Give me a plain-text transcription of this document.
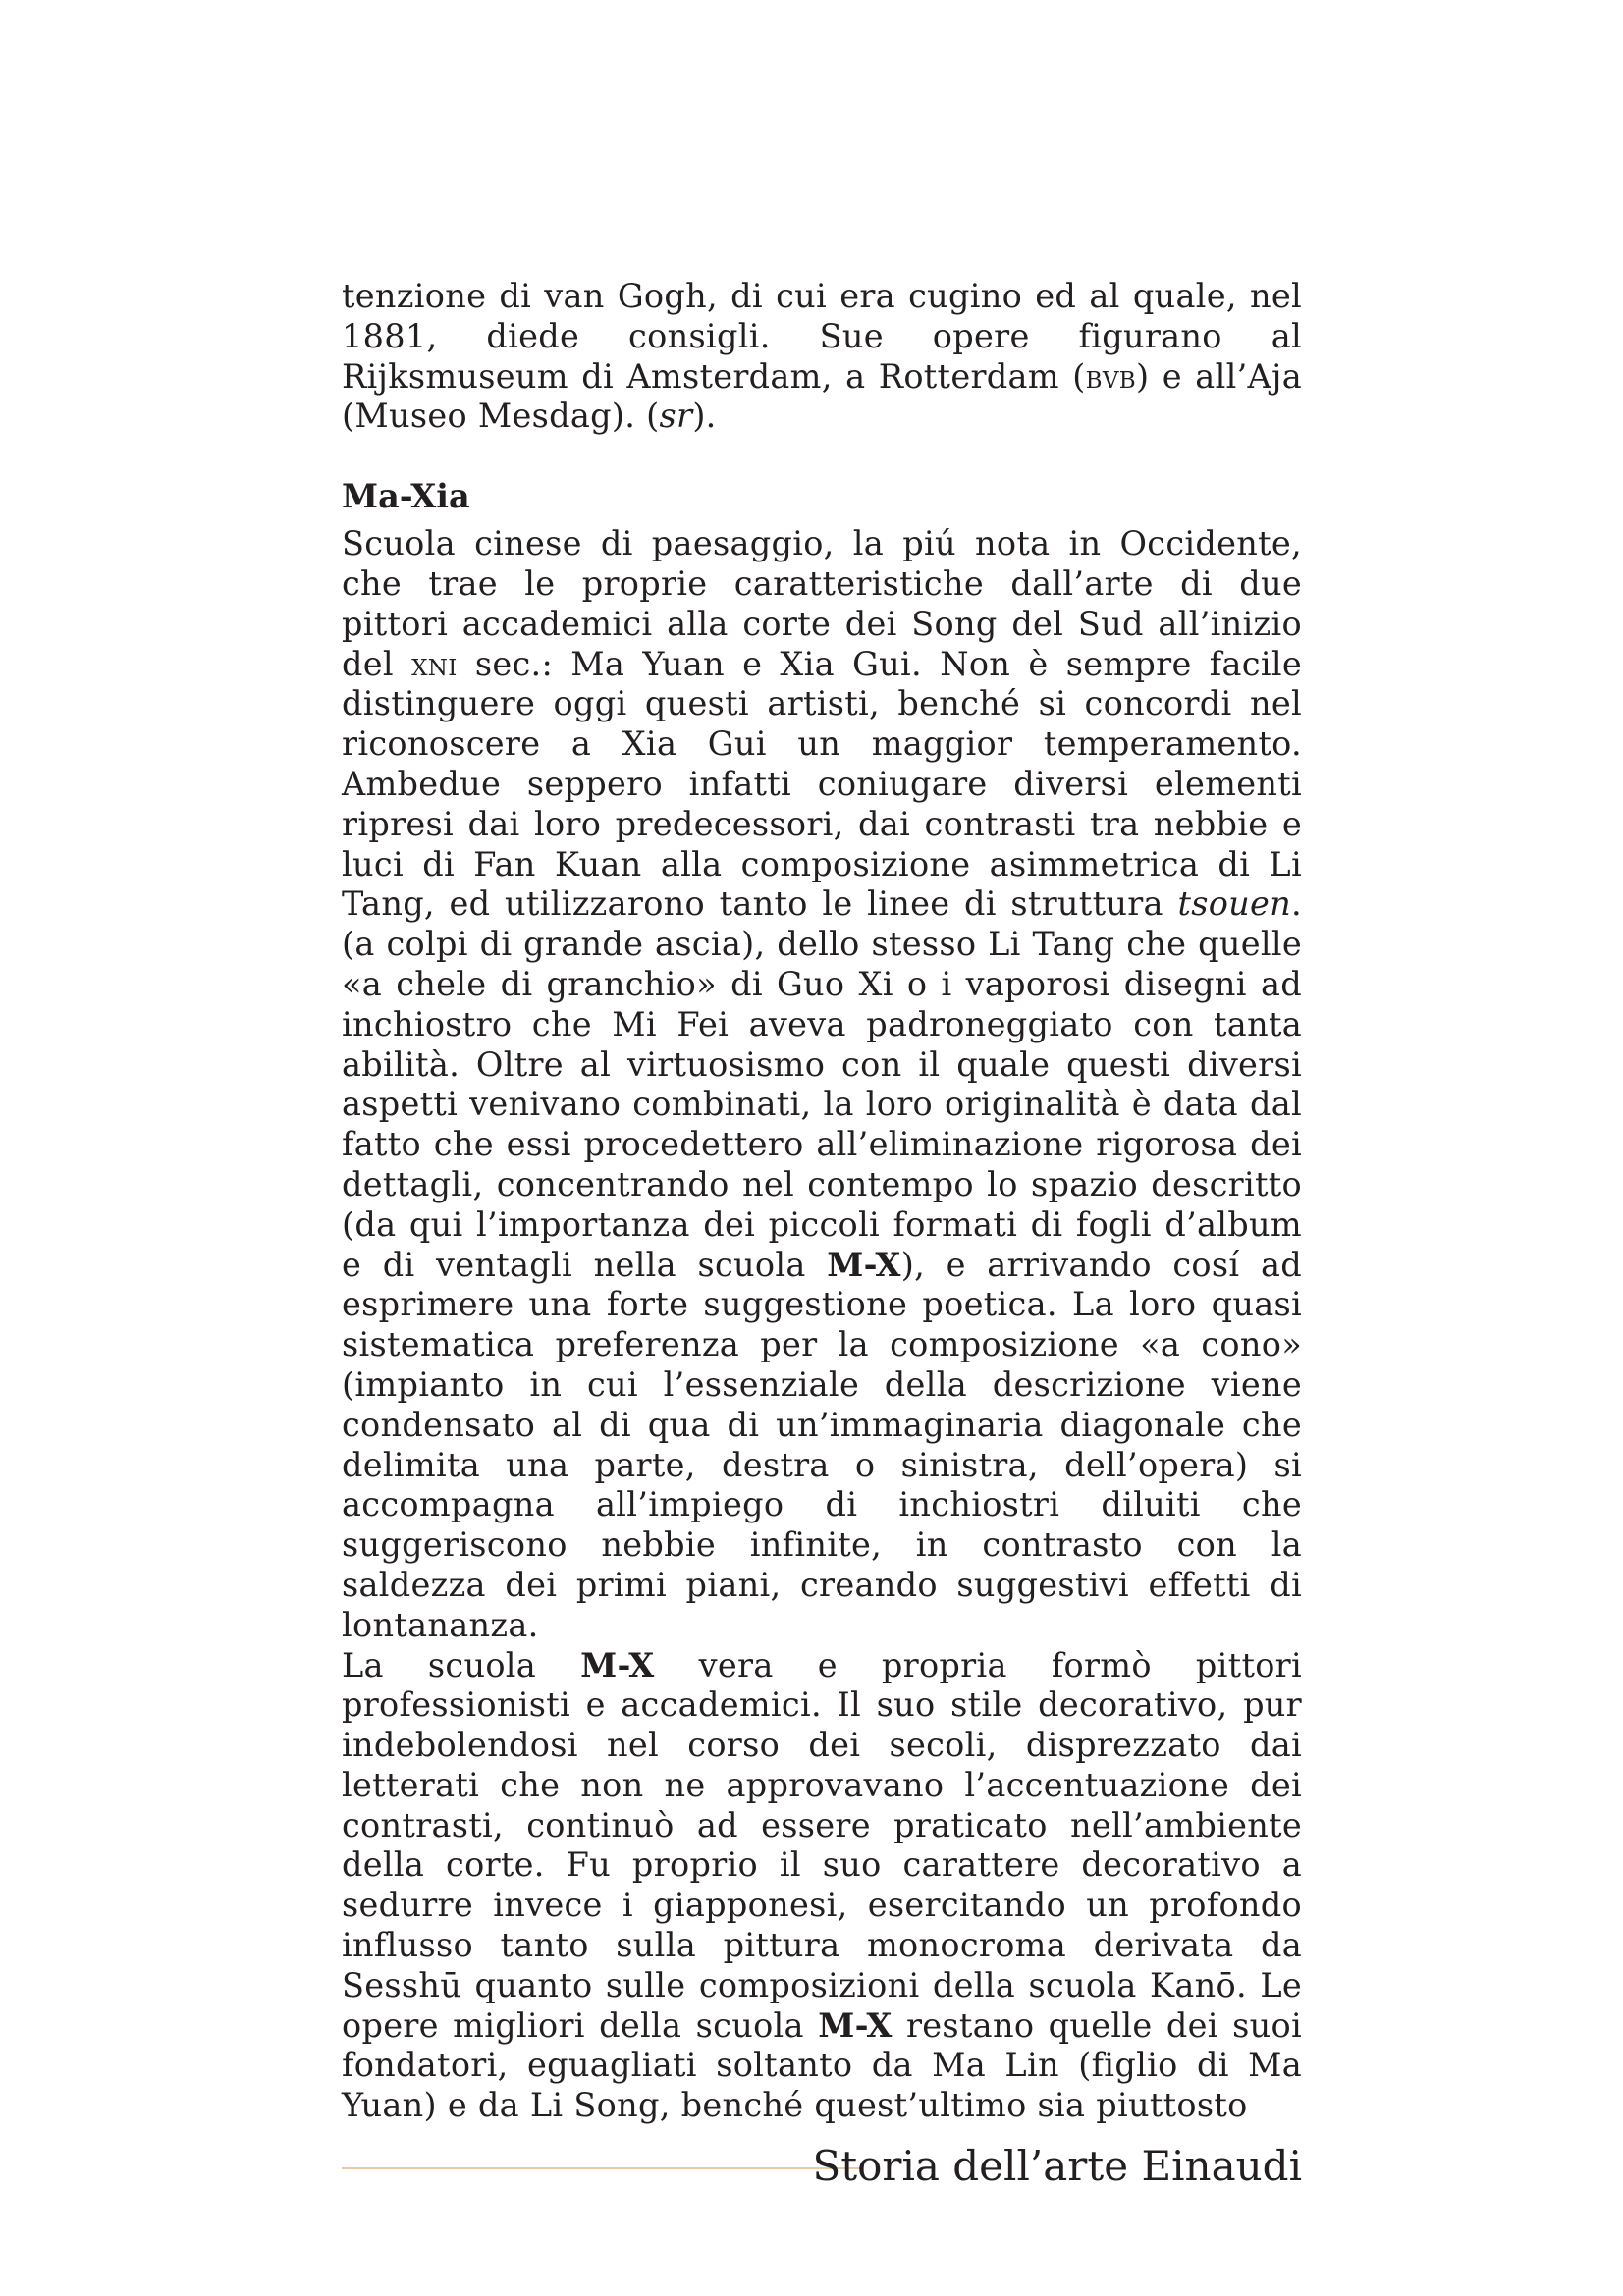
tenzione di van Gogh, di cui era cugino ed al quale, nel 1881, diede consigli. Sue opere figurano al Rijksmuseum di Amsterdam, a Rotterdam (bvb) e all’Aja (Museo Mesdag). (sr).

Ma-Xia

Scuola cinese di paesaggio, la piú nota in Occidente, che trae le proprie caratteristiche dall’arte di due pittori accademici alla corte dei Song del Sud all’inizio del xni sec.: Ma Yuan e Xia Gui. Non è sempre facile distinguere oggi questi artisti, benché si concordi nel riconoscere a Xia Gui un maggior temperamento. Ambedue seppero infatti coniugare diversi elementi ripresi dai loro predecessori, dai contrasti tra nebbie e luci di Fan Kuan alla composizione asimmetrica di Li Tang, ed utilizzarono tanto le linee di struttura tsouen. (a colpi di grande ascia), dello stesso Li Tang che quelle «a chele di granchio» di Guo Xi o i vaporosi disegni ad inchiostro che Mi Fei aveva padroneggiato con tanta abilità. Oltre al virtuosismo con il quale questi diversi aspetti venivano combinati, la loro originalità è data dal fatto che essi procedettero all’eliminazione rigorosa dei dettagli, concentrando nel contempo lo spazio descritto (da qui l’importanza dei piccoli formati di fogli d’album e di ventagli nella scuola M-X), e arrivando cosí ad esprimere una forte suggestione poetica. La loro quasi sistematica preferenza per la composizione «a cono» (impianto in cui l’essenziale della descrizione viene condensato al di qua di un’immaginaria diagonale che delimita una parte, destra o sinistra, dell’opera) si accompagna all’impiego di inchiostri diluiti che suggeriscono nebbie infinite, in contrasto con la saldezza dei primi piani, creando suggestivi effetti di lontananza.

La scuola M-X vera e propria formò pittori professionisti e accademici. Il suo stile decorativo, pur indebolendosi nel corso dei secoli, disprezzato dai letterati che non ne approvavano l’accentuazione dei contrasti, continuò ad essere praticato nell’ambiente della corte. Fu proprio il suo carattere decorativo a sedurre invece i giapponesi, esercitando un profondo influsso tanto sulla pittura monocroma derivata da Sesshū quanto sulle composizioni della scuola Kanō. Le opere migliori della scuola M-X restano quelle dei suoi fondatori, eguagliati soltanto da Ma Lin (figlio di Ma Yuan) e da Li Song, benché quest’ultimo sia piuttosto

Storia dell’arte Einaudi
